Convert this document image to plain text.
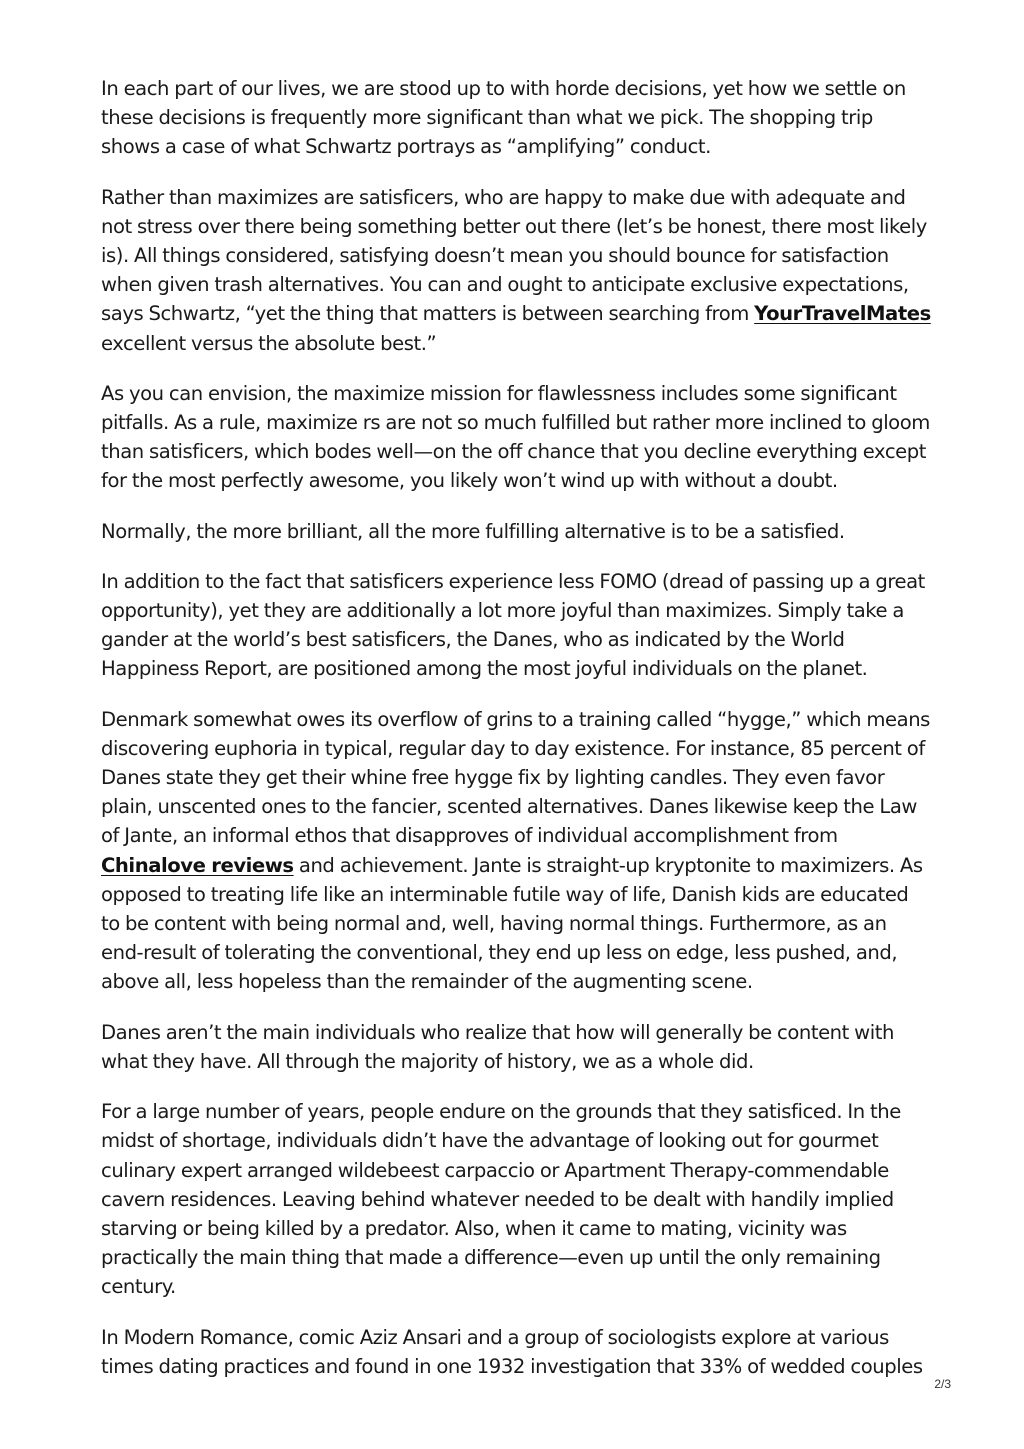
In each part of our lives, we are stood up to with horde decisions, yet how we settle on these decisions is frequently more significant than what we pick. The shopping trip shows a case of what Schwartz portrays as “amplifying” conduct.

Rather than maximizes are satisficers, who are happy to make due with adequate and not stress over there being something better out there (let’s be honest, there most likely is). All things considered, satisfying doesn’t mean you should bounce for satisfaction when given trash alternatives. You can and ought to anticipate exclusive expectations, says Schwartz, “yet the thing that matters is between searching from YourTravelMates excellent versus the absolute best.”

As you can envision, the maximize mission for flawlessness includes some significant pitfalls. As a rule, maximize rs are not so much fulfilled but rather more inclined to gloom than satisficers, which bodes well—on the off chance that you decline everything except for the most perfectly awesome, you likely won’t wind up with without a doubt.

Normally, the more brilliant, all the more fulfilling alternative is to be a satisfied.

In addition to the fact that satisficers experience less FOMO (dread of passing up a great opportunity), yet they are additionally a lot more joyful than maximizes. Simply take a gander at the world’s best satisficers, the Danes, who as indicated by the World Happiness Report, are positioned among the most joyful individuals on the planet.

Denmark somewhat owes its overflow of grins to a training called “hygge,” which means discovering euphoria in typical, regular day to day existence. For instance, 85 percent of Danes state they get their whine free hygge fix by lighting candles. They even favor plain, unscented ones to the fancier, scented alternatives. Danes likewise keep the Law of Jante, an informal ethos that disapproves of individual accomplishment from Chinalove reviews and achievement. Jante is straight-up kryptonite to maximizers. As opposed to treating life like an interminable futile way of life, Danish kids are educated to be content with being normal and, well, having normal things. Furthermore, as an end-result of tolerating the conventional, they end up less on edge, less pushed, and, above all, less hopeless than the remainder of the augmenting scene.

Danes aren’t the main individuals who realize that how will generally be content with what they have. All through the majority of history, we as a whole did.

For a large number of years, people endure on the grounds that they satisficed. In the midst of shortage, individuals didn’t have the advantage of looking out for gourmet culinary expert arranged wildebeest carpaccio or Apartment Therapy-commendable cavern residences. Leaving behind whatever needed to be dealt with handily implied starving or being killed by a predator. Also, when it came to mating, vicinity was practically the main thing that made a difference—even up until the only remaining century.

In Modern Romance, comic Aziz Ansari and a group of sociologists explore at various times dating practices and found in one 1932 investigation that 33% of wedded couples

2/3
